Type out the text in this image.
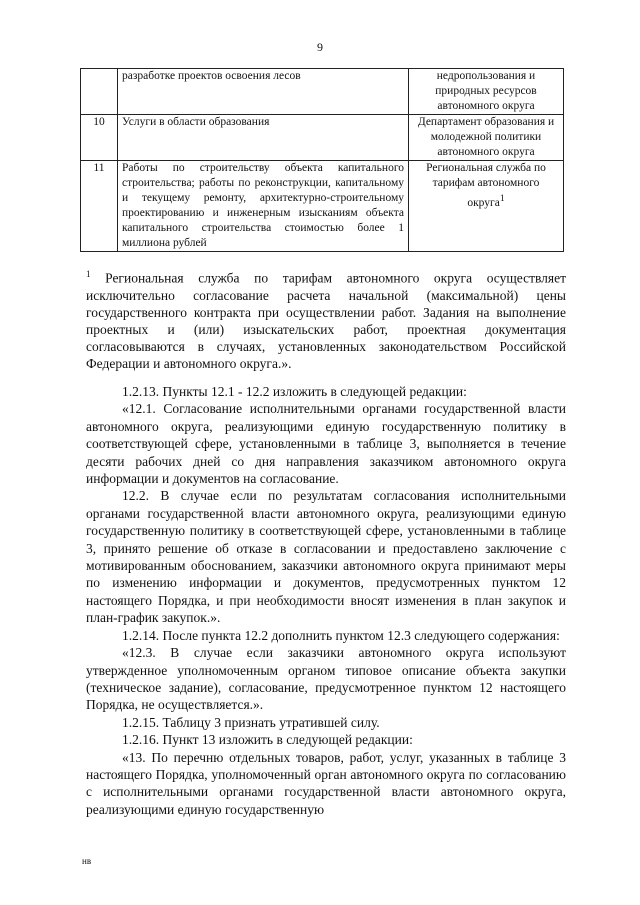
9
	разработке проектов освоения лесов	недропользования и природных ресурсов автономного округа
10	Услуги в области образования	Департамент образования и молодежной политики автономного округа
11	Работы по строительству объекта капитального строительства; работы по реконструкции, капитальному и текущему ремонту, архитектурно-строительному проектированию и инженерным изысканиям объекта капитального строительства стоимостью более 1 миллиона рублей	Региональная служба по тарифам автономного округа$^1$
$^1$ Региональная служба по тарифам автономного округа осуществляет исключительно согласование расчета начальной (максимальной) цены государственного контракта при осуществлении работ. Задания на выполнение проектных и (или) изыскательских работ, проектная документация согласовываются в случаях, установленных законодательством Российской Федерации и автономного округа.».

1.2.13. Пункты 12.1 - 12.2 изложить в следующей редакции:

«12.1. Согласование исполнительными органами государственной власти автономного округа, реализующими единую государственную политику в соответствующей сфере, установленными в таблице 3, выполняется в течение десяти рабочих дней со дня направления заказчиком автономного округа информации и документов на согласование.

12.2. В случае если по результатам согласования исполнительными органами государственной власти автономного округа, реализующими единую государственную политику в соответствующей сфере, установленными в таблице 3, принято решение об отказе в согласовании и предоставлено заключение с мотивированным обоснованием, заказчики автономного округа принимают меры по изменению информации и документов, предусмотренных пунктом 12 настоящего Порядка, и при необходимости вносят изменения в план закупок и план-график закупок.».

1.2.14. После пункта 12.2 дополнить пунктом 12.3 следующего содержания:

«12.3. В случае если заказчики автономного округа используют утвержденное уполномоченным органом типовое описание объекта закупки (техническое задание), согласование, предусмотренное пунктом 12 настоящего Порядка, не осуществляется.».

1.2.15. Таблицу 3 признать утратившей силу.

1.2.16. Пункт 13 изложить в следующей редакции:

«13. По перечню отдельных товаров, работ, услуг, указанных в таблице 3 настоящего Порядка, уполномоченный орган автономного округа по согласованию с исполнительными органами государственной власти автономного округа, реализующими единую государственную

нв
